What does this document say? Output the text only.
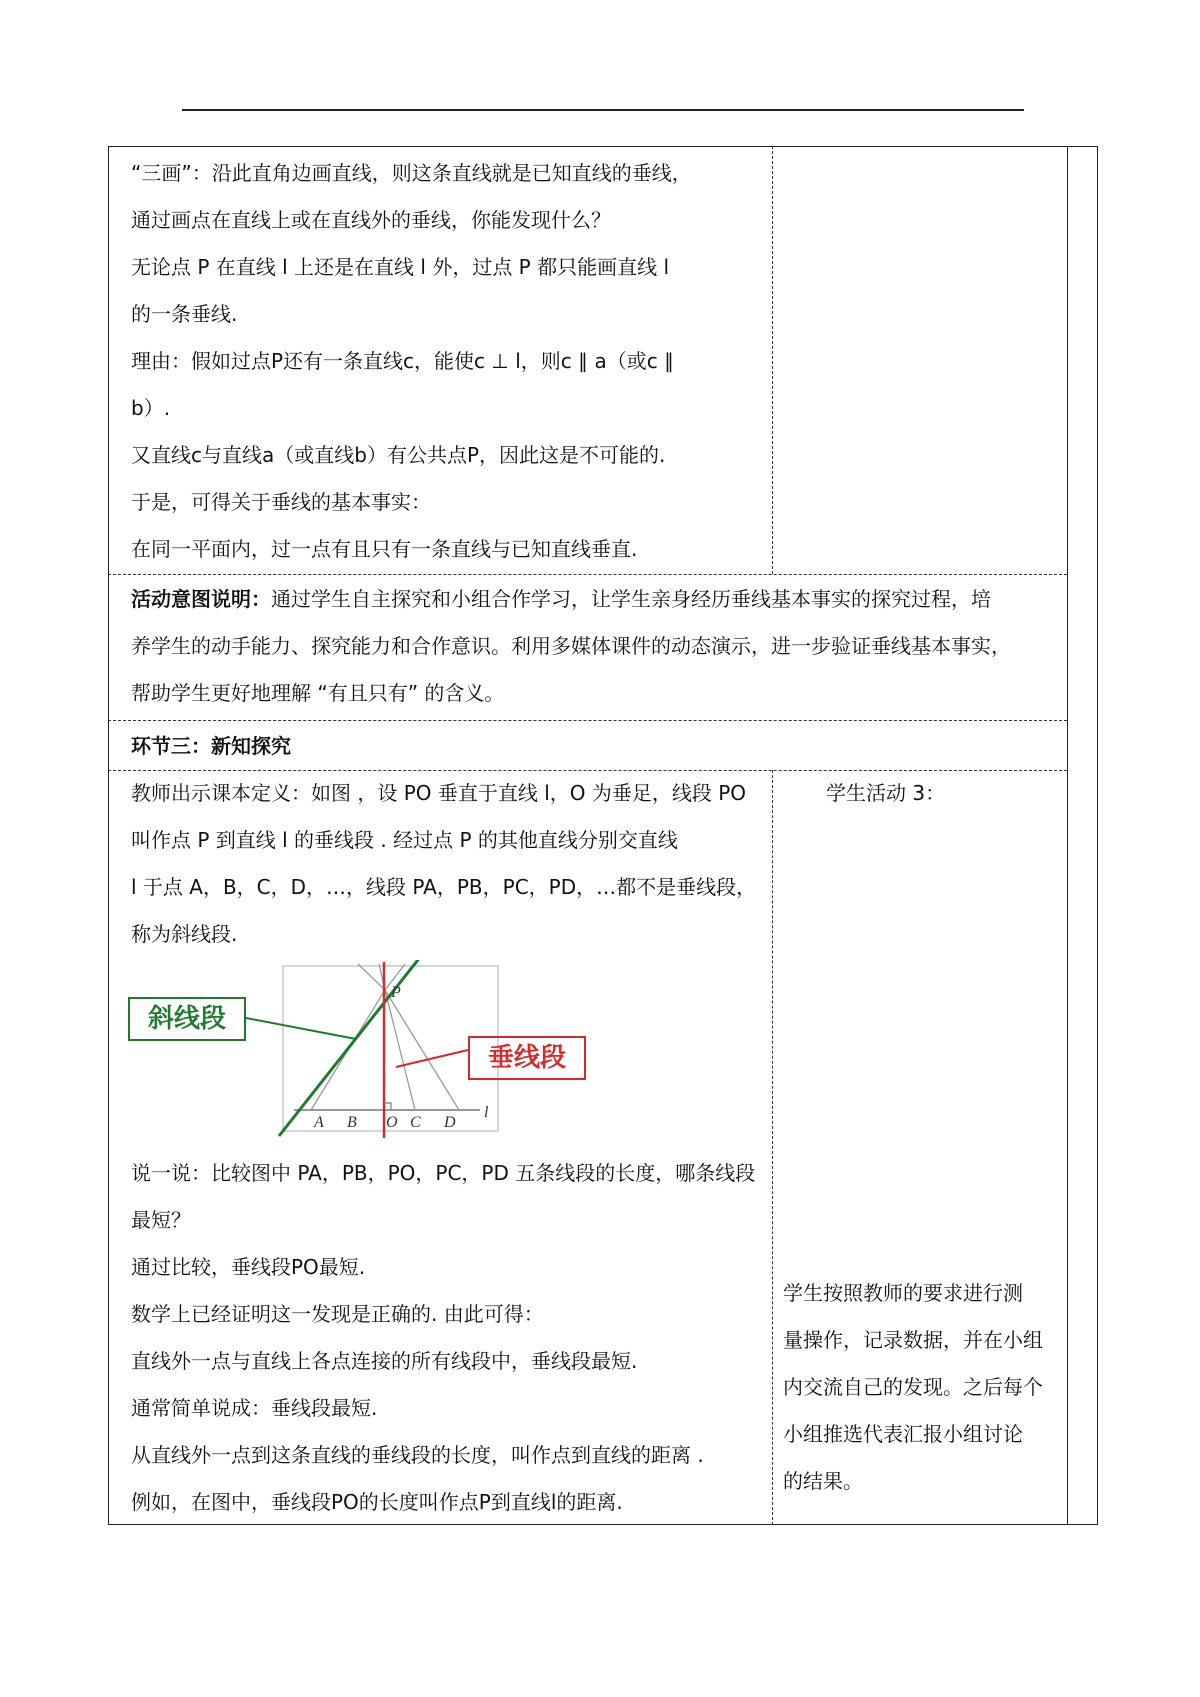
“三画”：沿此直角边画直线，则这条直线就是已知直线的垂线，

通过画点在直线上或在直线外的垂线，你能发现什么？

无论点 P 在直线 l 上还是在直线 l 外，过点 P 都只能画直线 l

的一条垂线.

理由：假如过点P还有一条直线c，能使c ⊥ l，则c ∥ a（或c ∥

b）.

又直线c与直线a（或直线b）有公共点P，因此这是不可能的.

于是，可得关于垂线的基本事实：

在同一平面内，过一点有且只有一条直线与已知直线垂直.

活动意图说明：通过学生自主探究和小组合作学习，让学生亲身经历垂线基本事实的探究过程，培

养学生的动手能力、探究能力和合作意识。利用多媒体课件的动态演示，进一步验证垂线基本事实，

帮助学生更好地理解 “有且只有” 的含义。

环节三：新知探究

教师出示课本定义：如图 ，设 PO 垂直于直线 l，O 为垂足，线段 PO

叫作点 P 到直线 l 的垂线段 . 经过点 P 的其他直线分别交直线

l 于点 A，B，C，D，…，线段 PA，PB，PC，PD，…都不是垂线段，

称为斜线段.

P
A B O C D
l
斜线段
垂线段

说一说：比较图中 PA，PB，PO，PC，PD 五条线段的长度，哪条线段

最短？

通过比较，垂线段PO最短.

数学上已经证明这一发现是正确的. 由此可得：

直线外一点与直线上各点连接的所有线段中，垂线段最短.

通常简单说成：垂线段最短.

从直线外一点到这条直线的垂线段的长度，叫作点到直线的距离 .

例如，在图中，垂线段PO的长度叫作点P到直线l的距离.

学生活动 3：

学生按照教师的要求进行测

量操作，记录数据，并在小组

内交流自己的发现。之后每个

小组推选代表汇报小组讨论

的结果。
